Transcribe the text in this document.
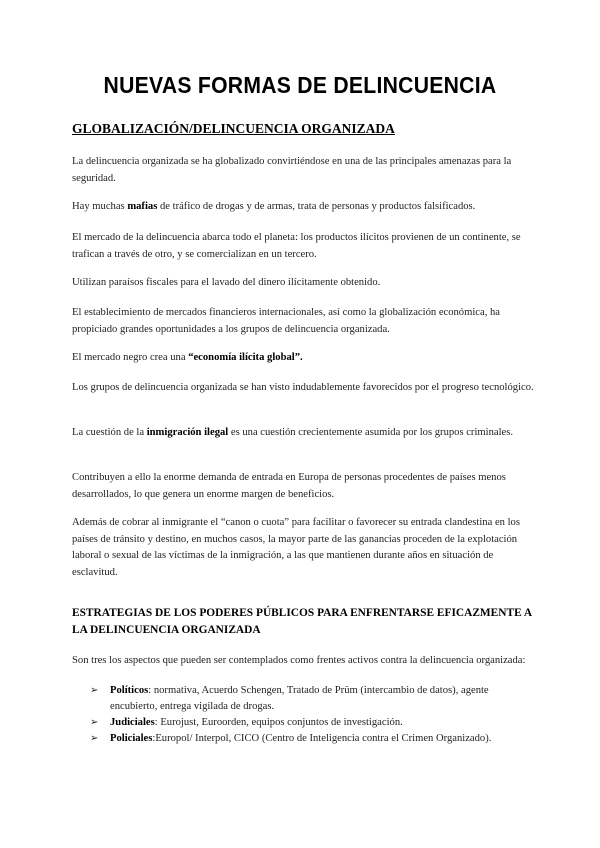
NUEVAS FORMAS DE DELINCUENCIA
GLOBALIZACIÓN/DELINCUENCIA ORGANIZADA
La delincuencia organizada se ha globalizado convirtiéndose en una de las principales amenazas para la seguridad.
Hay muchas mafias de tráfico de drogas y de armas, trata de personas y productos falsificados.
El mercado de la delincuencia abarca todo el planeta: los productos ilícitos provienen de un continente, se trafican a través de otro, y se comercializan en un tercero.
Utilizan paraísos fiscales para el lavado del dinero ilícitamente obtenido.
El establecimiento de mercados financieros internacionales, así como la globalización económica, ha propiciado grandes oportunidades a los grupos de delincuencia organizada.
El mercado negro crea una “economía ilícita global”.
Los grupos de delincuencia organizada se han visto indudablemente favorecidos por el progreso tecnológico.
La cuestión de la inmigración ilegal es una cuestión crecientemente asumida por los grupos criminales.
Contribuyen a ello la enorme demanda de entrada en Europa de personas procedentes de países menos desarrollados, lo que genera un enorme margen de beneficios.
Además de cobrar al inmigrante el “canon o cuota” para facilitar o favorecer su entrada clandestina en los países de tránsito y destino, en muchos casos, la mayor parte de las ganancias proceden de la explotación laboral o sexual de las víctimas de la inmigración, a las que mantienen durante años en situación de esclavitud.
ESTRATEGIAS DE LOS PODERES PÚBLICOS PARA ENFRENTARSE EFICAZMENTE A LA DELINCUENCIA ORGANIZADA
Son tres los aspectos que pueden ser contemplados como frentes activos contra la delincuencia organizada:
➢ Políticos: normativa, Acuerdo Schengen, Tratado de Prüm (intercambio de datos), agente encubierto, entrega vigilada de drogas.
➢ Judiciales: Eurojust, Euroorden, equipos conjuntos de investigación.
➢ Policiales:Europol/ Interpol, CICO (Centro de Inteligencia contra el Crimen Organizado).
